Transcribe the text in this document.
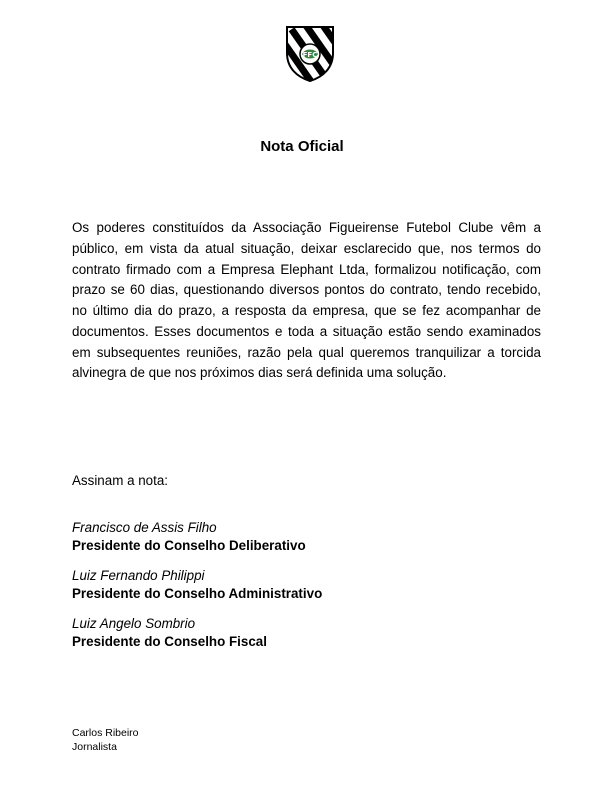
FFC
Nota Oficial
Os poderes constituídos da Associação Figueirense Futebol Clube vêm a público, em vista da atual situação, deixar esclarecido que, nos termos do contrato firmado com a Empresa Elephant Ltda, formalizou notificação, com prazo se 60 dias, questionando diversos pontos do contrato, tendo recebido, no último dia do prazo, a resposta da empresa, que se fez acompanhar de documentos. Esses documentos e toda a situação estão sendo examinados em subsequentes reuniões, razão pela qual queremos tranquilizar a torcida alvinegra de que nos próximos dias será definida uma solução.
Assinam a nota:
Francisco de Assis Filho
Presidente do Conselho Deliberativo
Luiz Fernando Philippi
Presidente do Conselho Administrativo
Luiz Angelo Sombrio
Presidente do Conselho Fiscal
Carlos Ribeiro
Jornalista
